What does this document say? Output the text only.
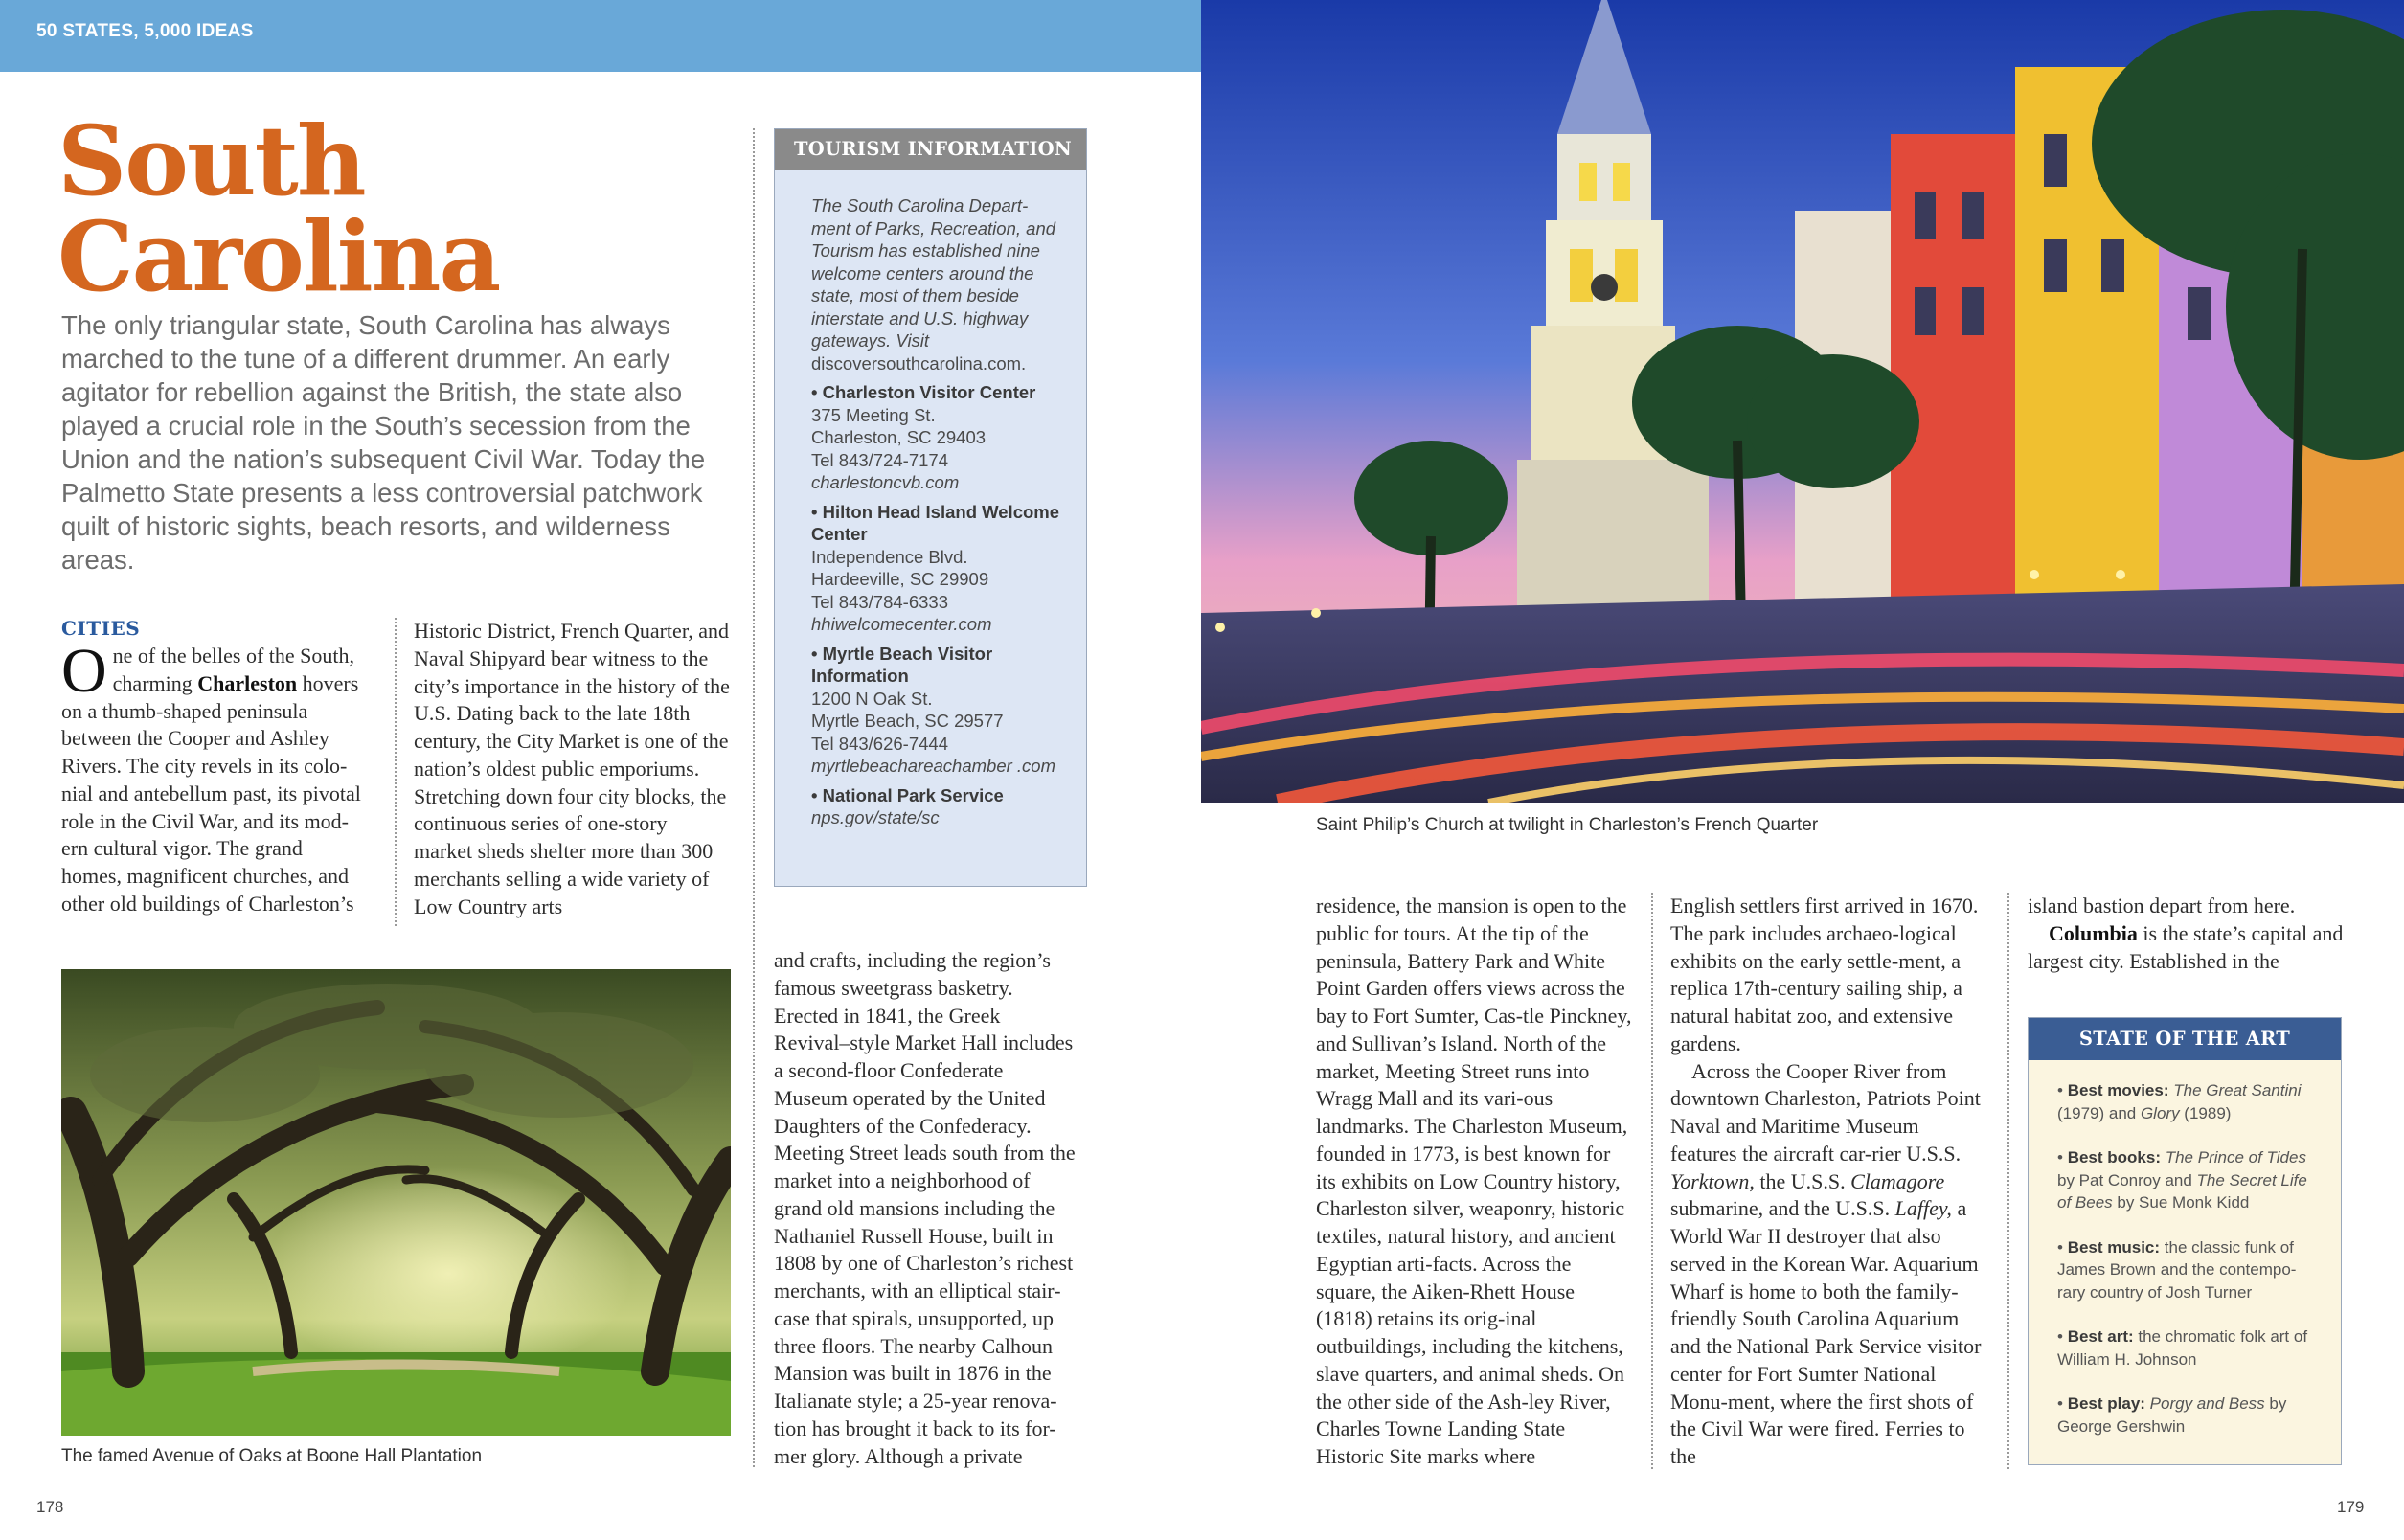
50 STATES, 5,000 IDEAS
South
Carolina
The only triangular state, South Carolina has always marched to the tune of a different drummer. An early agitator for rebellion against the British, the state also played a crucial role in the South’s secession from the Union and the nation’s subsequent Civil War. Today the Palmetto State presents a less controversial patchwork quilt of historic sights, beach resorts, and wilderness areas.
CITIES
One of the belles of the South, charming Charleston hovers on a thumb-shaped peninsula between the Cooper and Ashley Rivers. The city revels in its colo-nial and antebellum past, its pivotal role in the Civil War, and its mod-ern cultural vigor. The grand homes, magnificent churches, and other old buildings of Charleston’s
Historic District, French Quarter, and Naval Shipyard bear witness to the city’s importance in the history of the U.S. Dating back to the late 18th century, the City Market is one of the nation’s oldest public emporiums. Stretching down four city blocks, the continuous series of one-story market sheds shelter more than 300 merchants selling a wide variety of Low Country arts
TOURISM INFORMATION
The South Carolina Depart-ment of Parks, Recreation, and Tourism has established nine welcome centers around the state, most of them beside interstate and U.S. highway gateways. Visit discoversouthcarolina.com.
• Charleston Visitor Center
375 Meeting St.
Charleston, SC 29403
Tel 843/724-7174
charlestoncvb.com
• Hilton Head Island Welcome Center
Independence Blvd.
Hardeeville, SC 29909
Tel 843/784-6333
hhiwelcomecenter.com
• Myrtle Beach Visitor Information
1200 N Oak St.
Myrtle Beach, SC 29577
Tel 843/626-7444
myrtlebeachareachamber .com
• National Park Service
nps.gov/state/sc
and crafts, including the region’s famous sweetgrass basketry. Erected in 1841, the Greek Revival–style Market Hall includes a second-floor Confederate Museum operated by the United Daughters of the Confederacy. Meeting Street leads south from the market into a neighborhood of grand old mansions including the Nathaniel Russell House, built in 1808 by one of Charleston’s richest merchants, with an elliptical stair-case that spirals, unsupported, up three floors. The nearby Calhoun Mansion was built in 1876 in the Italianate style; a 25-year renova-tion has brought it back to its for-mer glory. Although a private
The famed Avenue of Oaks at Boone Hall Plantation
Saint Philip’s Church at twilight in Charleston’s French Quarter
residence, the mansion is open to the public for tours. At the tip of the peninsula, Battery Park and White Point Garden offers views across the bay to Fort Sumter, Cas-tle Pinckney, and Sullivan’s Island. North of the market, Meeting Street runs into Wragg Mall and its vari-ous landmarks. The Charleston Museum, founded in 1773, is best known for its exhibits on Low Country history, Charleston silver, weaponry, historic textiles, natural history, and ancient Egyptian arti-facts. Across the square, the Aiken-Rhett House (1818) retains its orig-inal outbuildings, including the kitchens, slave quarters, and animal sheds. On the other side of the Ash-ley River, Charles Towne Landing State Historic Site marks where
English settlers first arrived in 1670. The park includes archaeo-logical exhibits on the early settle-ment, a replica 17th-century sailing ship, a natural habitat zoo, and extensive gardens.
Across the Cooper River from downtown Charleston, Patriots Point Naval and Maritime Museum features the aircraft car-rier U.S.S. Yorktown, the U.S.S. Clamagore submarine, and the U.S.S. Laffey, a World War II destroyer that also served in the Korean War. Aquarium Wharf is home to both the family-friendly South Carolina Aquarium and the National Park Service visitor center for Fort Sumter National Monu-ment, where the first shots of the Civil War were fired. Ferries to the
island bastion depart from here.
Columbia is the state’s capital and largest city. Established in the
STATE OF THE ART
• Best movies: The Great Santini (1979) and Glory (1989)
• Best books: The Prince of Tides by Pat Conroy and The Secret Life of Bees by Sue Monk Kidd
• Best music: the classic funk of James Brown and the contempo-rary country of Josh Turner
• Best art: the chromatic folk art of William H. Johnson
• Best play: Porgy and Bess by George Gershwin
178	179
